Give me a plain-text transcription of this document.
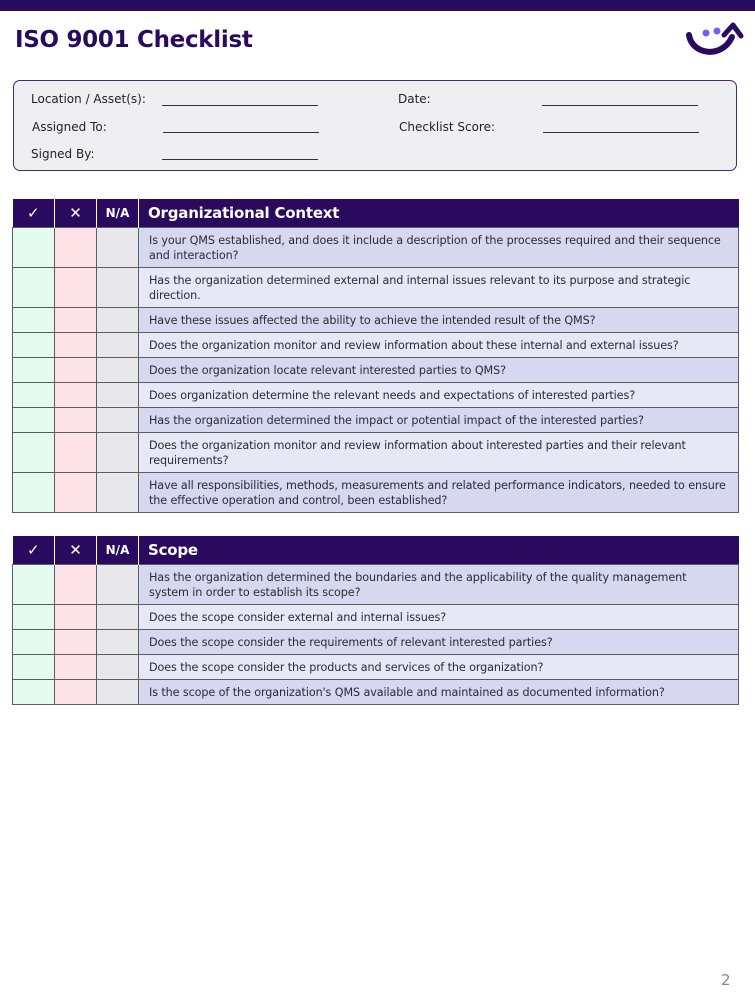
ISO 9001 Checklist
Location / Asset(s):	Date:
Assigned To:	Checklist Score:
Signed By:
✓	✕	N/A	Organizational Context
			Is your QMS established, and does it include a description of the processes required and their sequence and interaction?
			Has the organization determined external and internal issues relevant to its purpose and strategic direction.
			Have these issues affected the ability to achieve the intended result of the QMS?
			Does the organization monitor and review information about these internal and external issues?
			Does the organization locate relevant interested parties to QMS?
			Does organization determine the relevant needs and expectations of interested parties?
			Has the organization determined the impact or potential impact of the interested parties?
			Does the organization monitor and review information about interested parties and their relevant requirements?
			Have all responsibilities, methods, measurements and related performance indicators, needed to ensure the effective operation and control, been established?
✓	✕	N/A	Scope
			Has the organization determined the boundaries and the applicability of the quality management system in order to establish its scope?
			Does the scope consider external and internal issues?
			Does the scope consider the requirements of relevant interested parties?
			Does the scope consider the products and services of the organization?
			Is the scope of the organization's QMS available and maintained as documented information?
2
